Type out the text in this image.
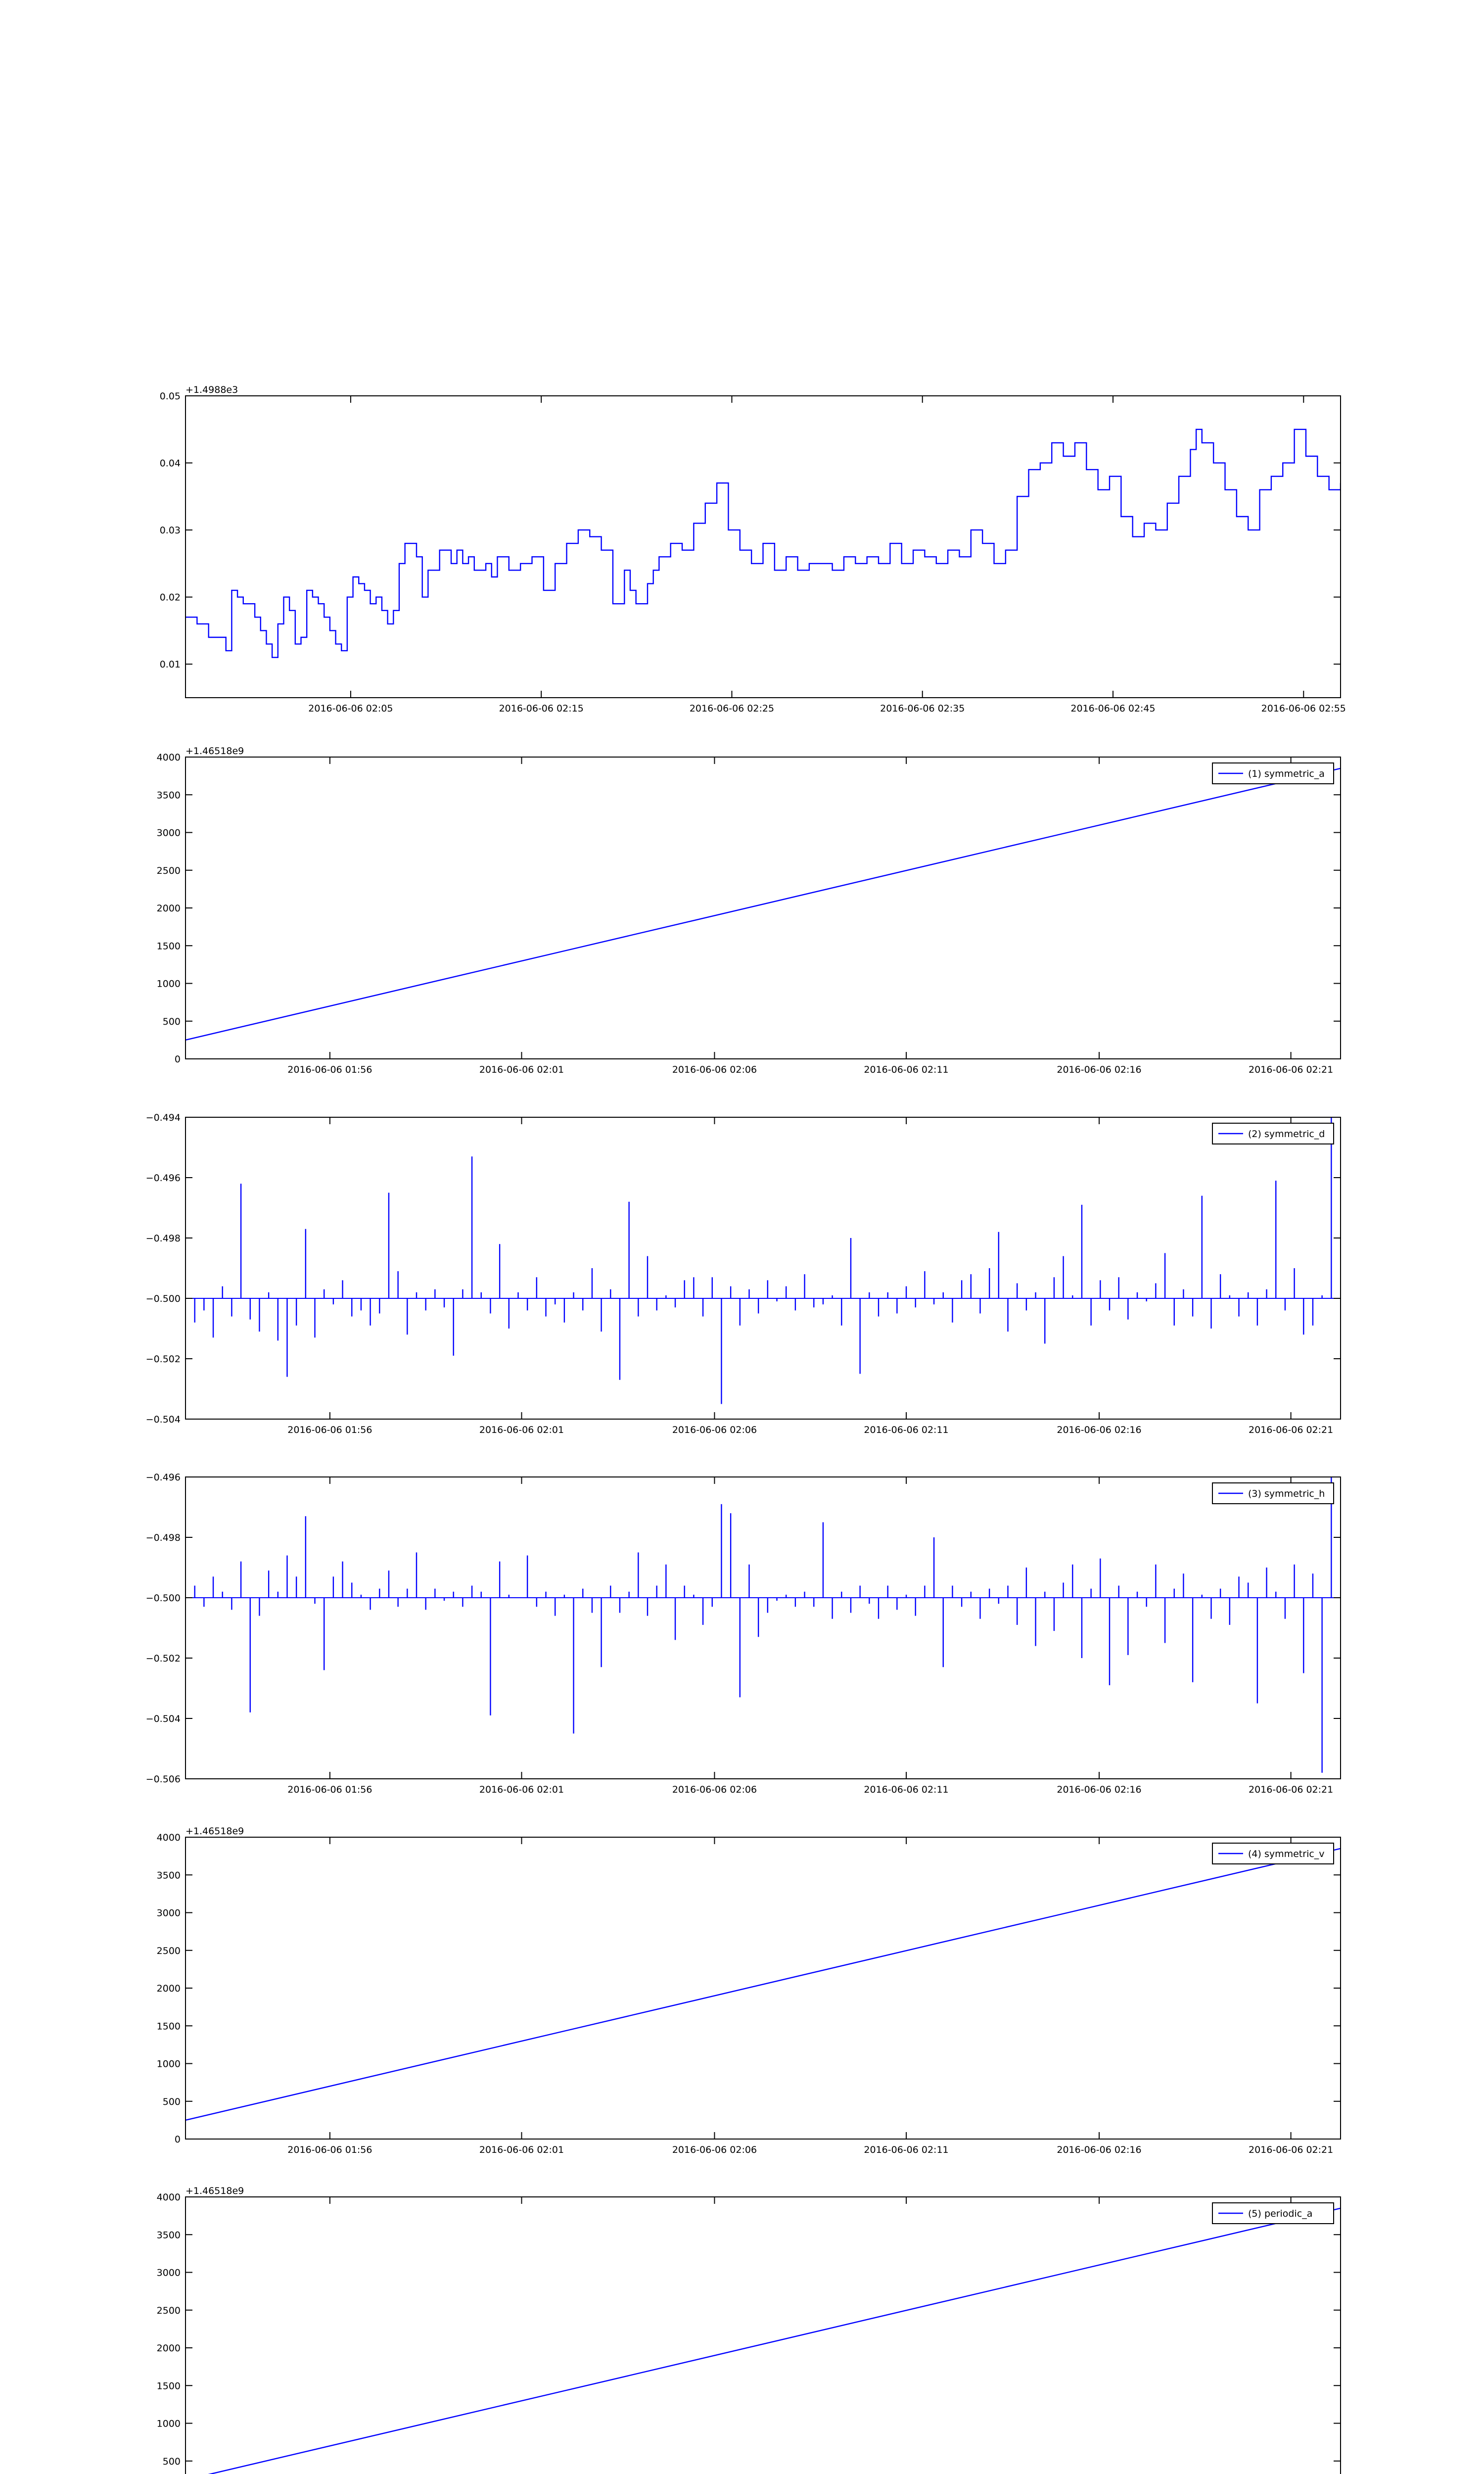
0.01
0.02
0.03
0.04
0.05
2016-06-06 02:05	2016-06-06 02:15	2016-06-06 02:25	2016-06-06 02:35	2016-06-06 02:45	2016-06-06 02:55
+1.4988e3
0
500
1000
1500
2000
2500
3000
3500
4000
2016-06-06 01:56	2016-06-06 02:01	2016-06-06 02:06	2016-06-06 02:11	2016-06-06 02:16	2016-06-06 02:21
+1.46518e9
(1) symmetric_a
−0.504
−0.502
−0.500
−0.498
−0.496
−0.494
2016-06-06 01:56	2016-06-06 02:01	2016-06-06 02:06	2016-06-06 02:11	2016-06-06 02:16	2016-06-06 02:21
(2) symmetric_d
−0.506
−0.504
−0.502
−0.500
−0.498
−0.496
2016-06-06 01:56	2016-06-06 02:01	2016-06-06 02:06	2016-06-06 02:11	2016-06-06 02:16	2016-06-06 02:21
(3) symmetric_h
0
500
1000
1500
2000
2500
3000
3500
4000
2016-06-06 01:56	2016-06-06 02:01	2016-06-06 02:06	2016-06-06 02:11	2016-06-06 02:16	2016-06-06 02:21
+1.46518e9
(4) symmetric_v
500
1000
1500
2000
2500
3000
3500
4000
+1.46518e9
(5) periodic_a
